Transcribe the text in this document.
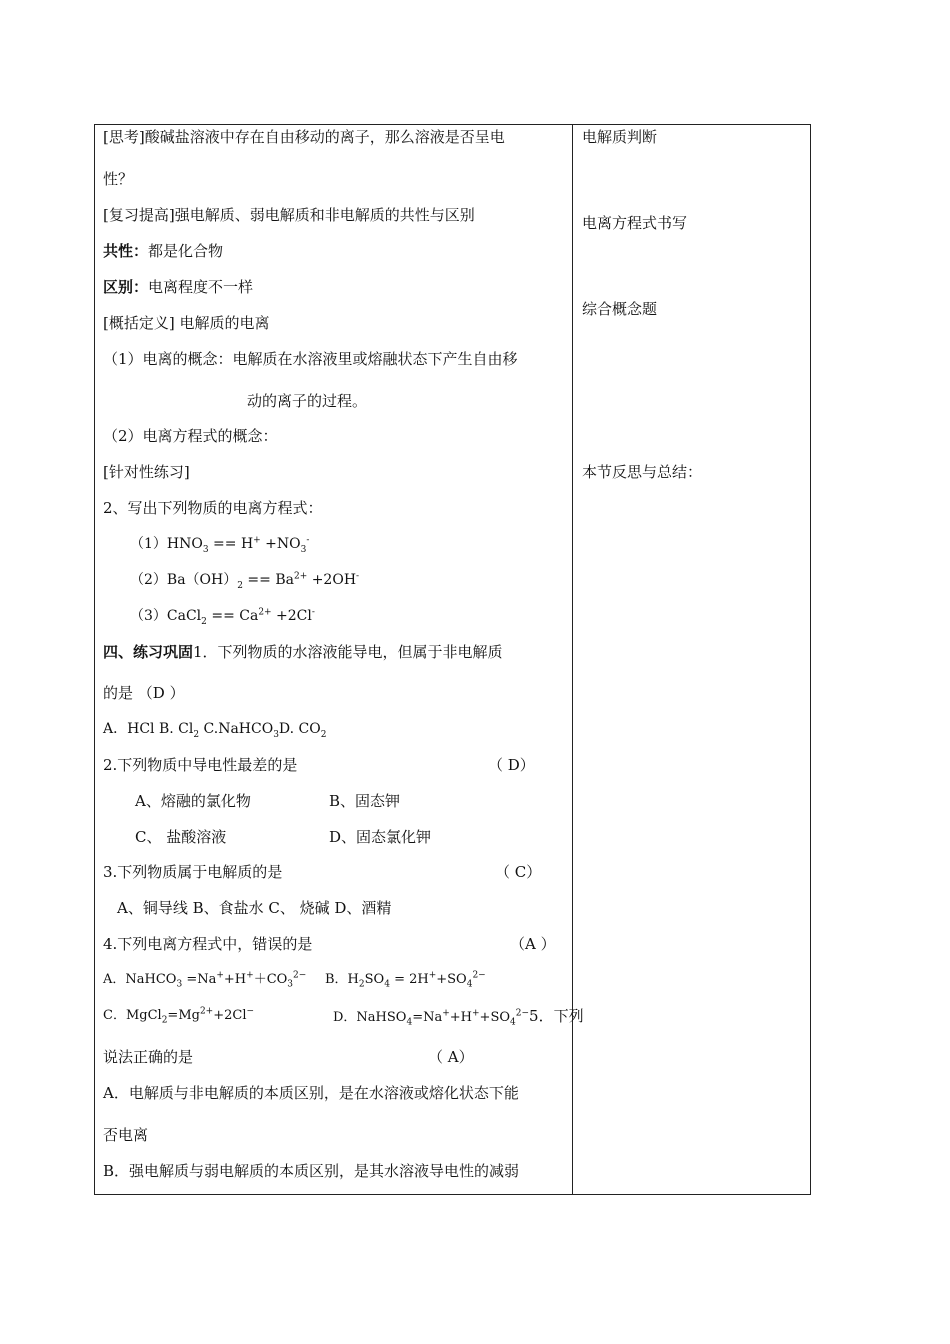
[思考]酸碱盐溶液中存在自由移动的离子，那么溶液是否呈电
性？
[复习提高]强电解质、弱电解质和非电解质的共性与区别
共性：都是化合物
区别：电离程度不一样
[概括定义] 电解质的电离
（1）电离的概念：电解质在水溶液里或熔融状态下产生自由移
动的离子的过程。
（2）电离方程式的概念：
[针对性练习]
2、写出下列物质的电离方程式：
$(1)HNO_3 == H^+ +NO_3^-$
$(2)Ba(OH)_2 == Ba^{2+} +2OH^-$
（3）CaCl$_2$ == $Ca^{2+} +2Cl^-$
四、练习巩固1．下列物质的水溶液能导电，但属于非电解质
的是 （D ）
A．HCl B. $Cl_2$ C.NaHCO$_3$D. $CO_2$
2.下列物质中导电性最差的是	（ D）
A、熔融的氯化物	B、固态钾
C、 盐酸溶液	D、固态氯化钾
3.下列物质属于电解质的是	（ C）
A、铜导线 B、食盐水 C、 烧碱 D、酒精
4.下列电离方程式中，错误的是	（A ）
A．NaHCO$_3$ $=Na^++H^++CO_3^{2-}$ B．$H_2SO_4 = 2H^++SO_4^{2-}$
C．$MgCl_2=Mg^{2+}+2Cl^-$	D．$NaHSO_4=Na^++H^++SO_4^{2-}5$．下列
说法正确的是	（ A）
A．电解质与非电解质的本质区别，是在水溶液或熔化状态下能
否电离
B．强电解质与弱电解质的本质区别，是其水溶液导电性的减弱
电解质判断
电离方程式书写
综合概念题
本节反思与总结：
